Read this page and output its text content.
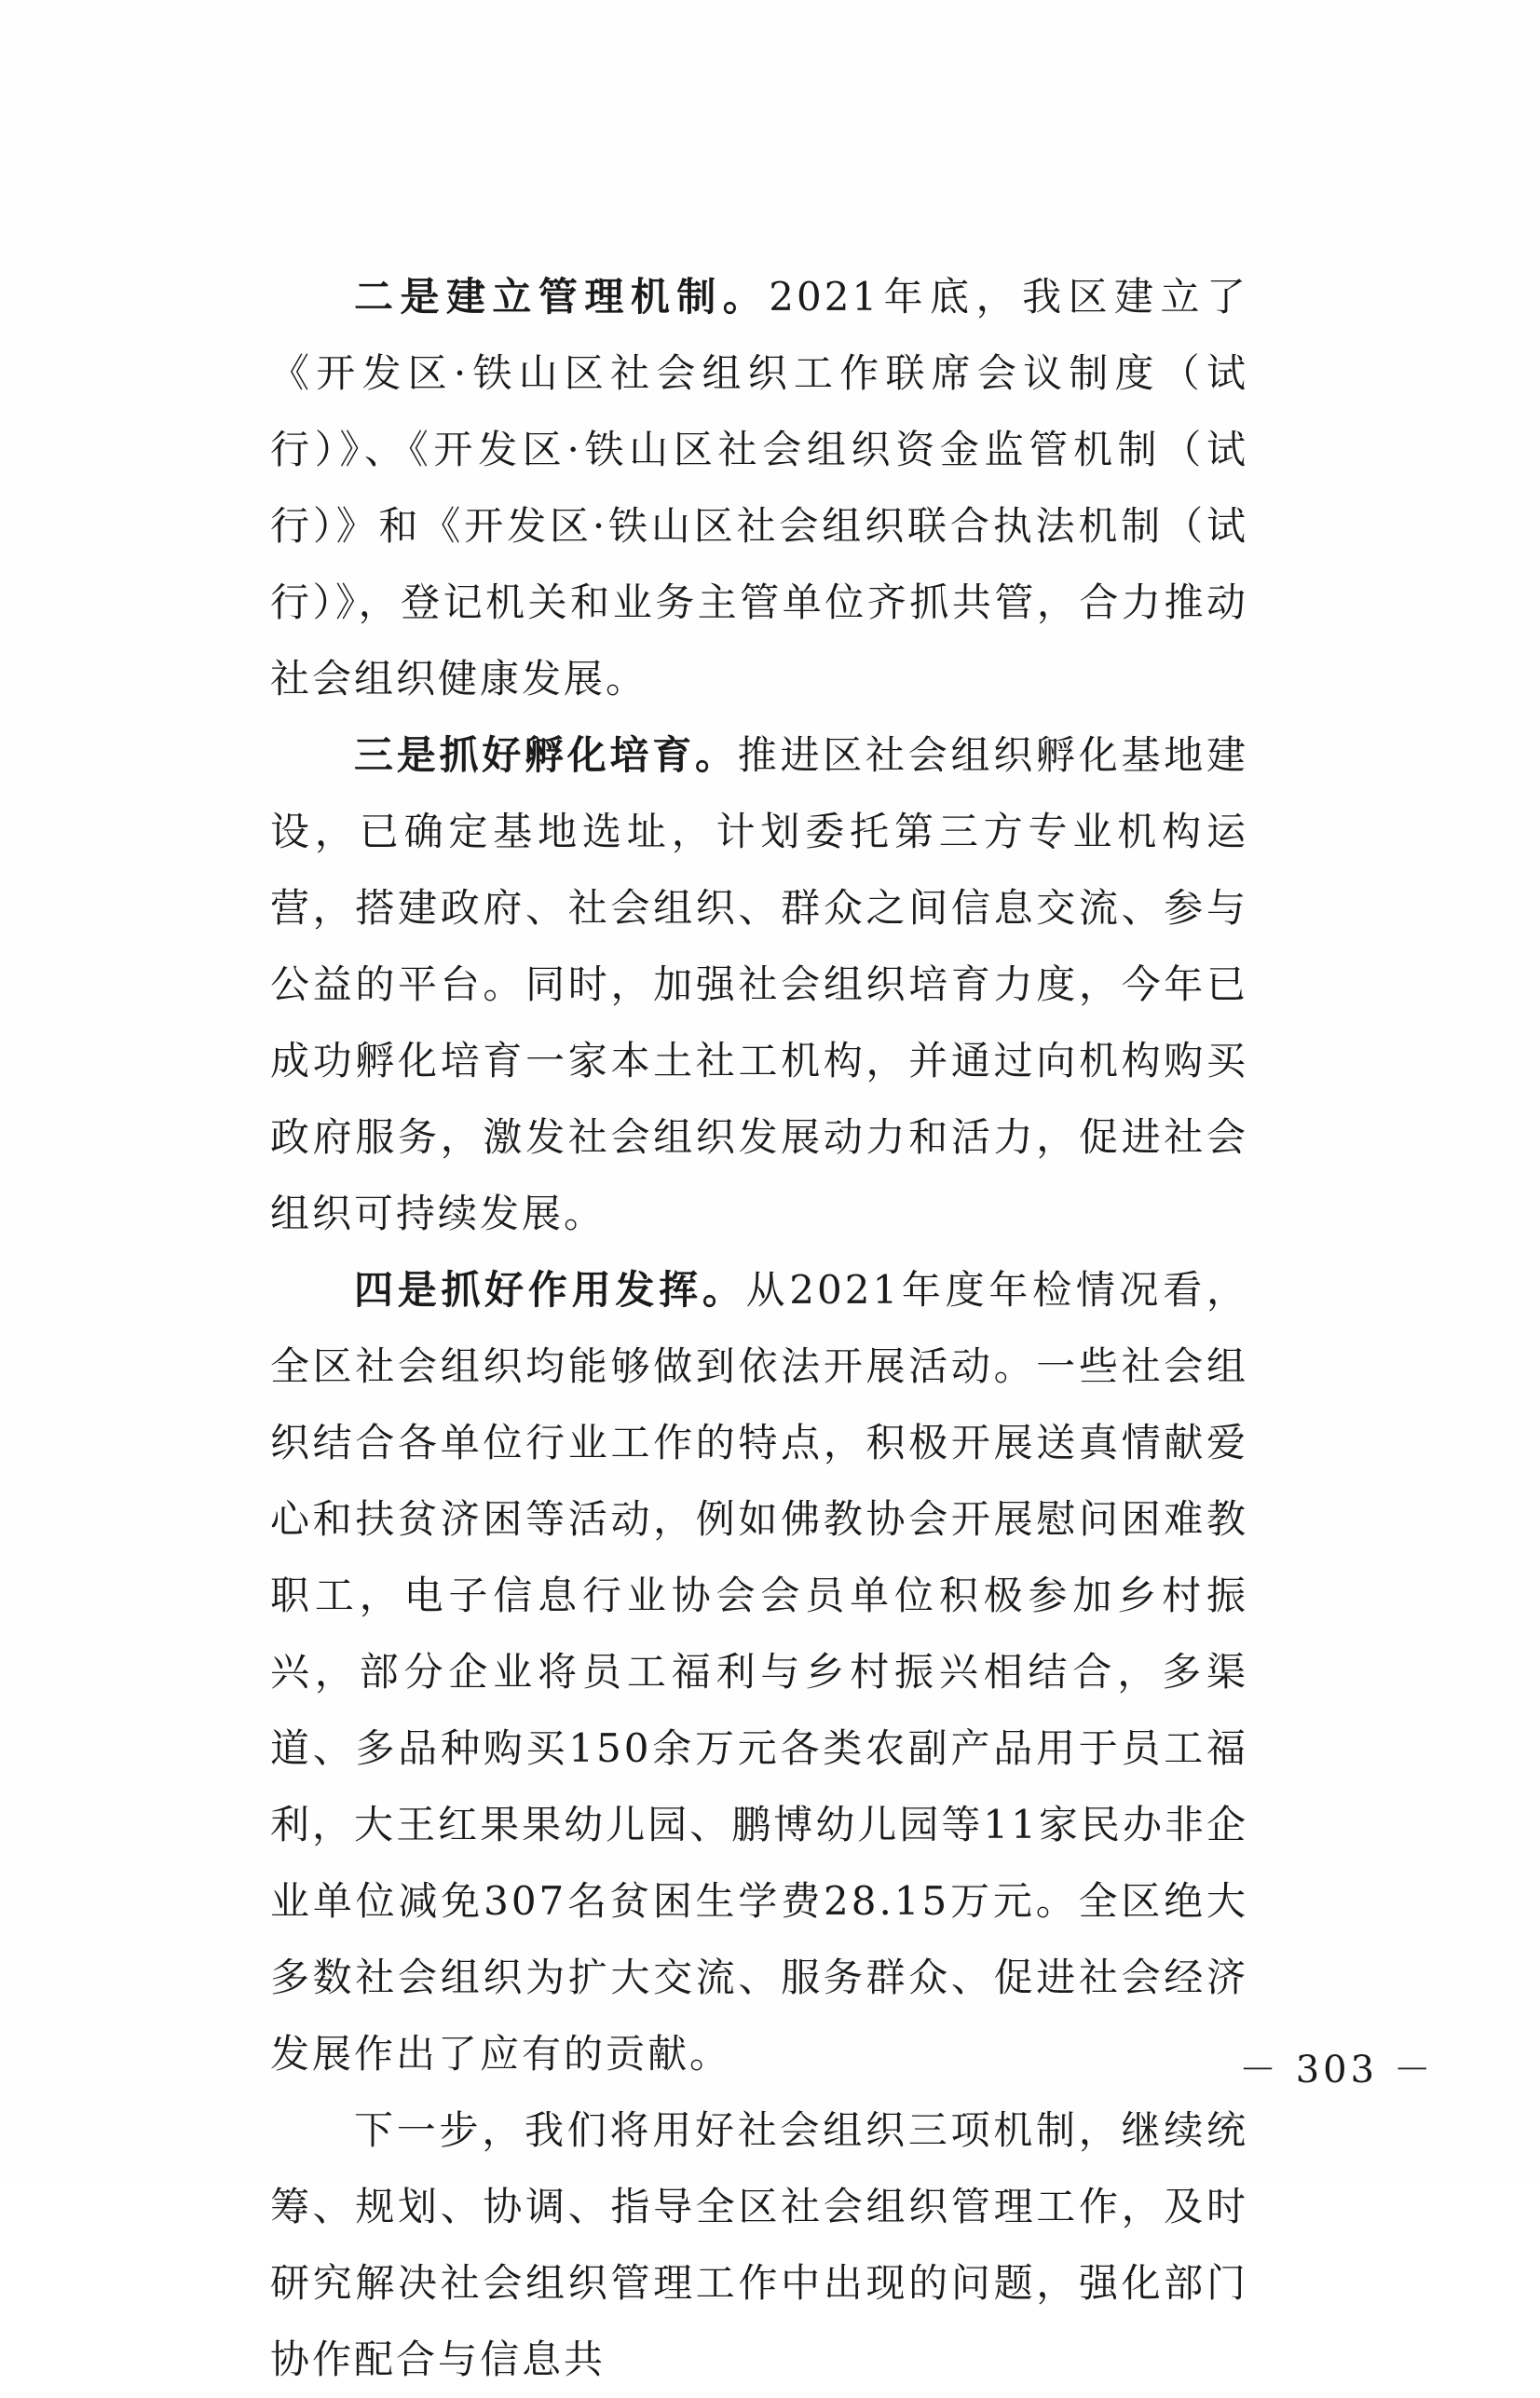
二是建立管理机制。2021年底，我区建立了《开发区·铁山区社会组织工作联席会议制度（试行）》、《开发区·铁山区社会组织资金监管机制（试行）》和《开发区·铁山区社会组织联合执法机制（试行）》，登记机关和业务主管单位齐抓共管，合力推动社会组织健康发展。

三是抓好孵化培育。推进区社会组织孵化基地建设，已确定基地选址，计划委托第三方专业机构运营，搭建政府、社会组织、群众之间信息交流、参与公益的平台。同时，加强社会组织培育力度，今年已成功孵化培育一家本土社工机构，并通过向机构购买政府服务，激发社会组织发展动力和活力，促进社会组织可持续发展。

四是抓好作用发挥。从2021年度年检情况看，全区社会组织均能够做到依法开展活动。一些社会组织结合各单位行业工作的特点，积极开展送真情献爱心和扶贫济困等活动，例如佛教协会开展慰问困难教职工，电子信息行业协会会员单位积极参加乡村振兴，部分企业将员工福利与乡村振兴相结合，多渠道、多品种购买150余万元各类农副产品用于员工福利，大王红果果幼儿园、鹏博幼儿园等11家民办非企业单位减免307名贫困生学费28.15万元。全区绝大多数社会组织为扩大交流、服务群众、促进社会经济发展作出了应有的贡献。

下一步，我们将用好社会组织三项机制，继续统筹、规划、协调、指导全区社会组织管理工作，及时研究解决社会组织管理工作中出现的问题，强化部门协作配合与信息共

－ 303 －
